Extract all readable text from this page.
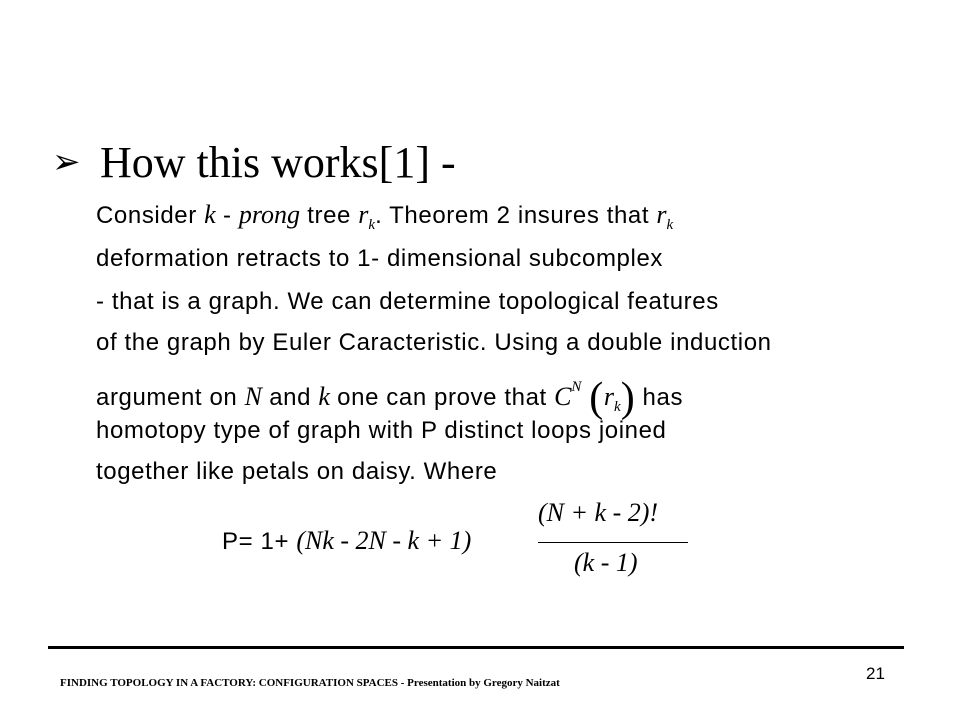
➢ How this works[1] -
Consider k - prong tree $r_k$. Theorem 2 insures that $r_k$
deformation retracts to 1- dimensional subcomplex
- that is a graph. We can determine topological features
of the graph by Euler Caracteristic. Using a double induction
argument on N and k one can prove that $C^N$ $(r_k)$ has
homotopy type of graph with P distinct loops joined
together like petals on daisy. Where
P= 1+ (Nk - 2N - k + 1)
(N + k - 2)!
(k - 1)
21
FINDING TOPOLOGY IN A FACTORY: CONFIGURATION SPACES - Presentation by Gregory Naitzat
